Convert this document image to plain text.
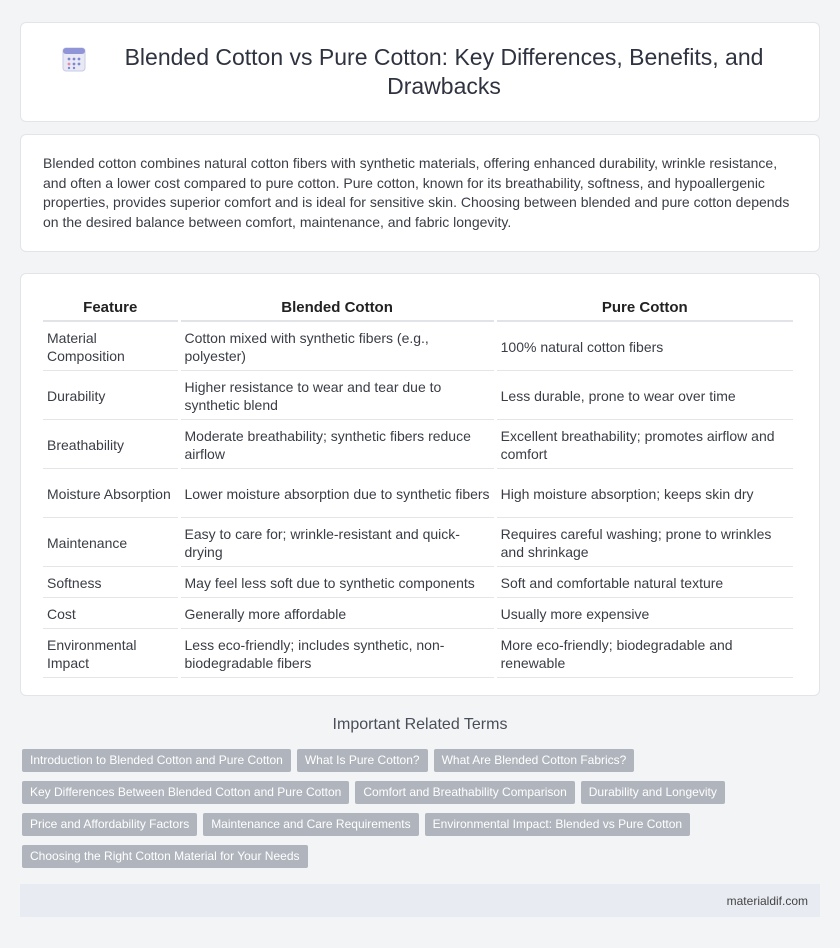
Blended Cotton vs Pure Cotton: Key Differences, Benefits, and Drawbacks

Blended cotton combines natural cotton fibers with synthetic materials, offering enhanced durability, wrinkle resistance, and often a lower cost compared to pure cotton. Pure cotton, known for its breathability, softness, and hypoallergenic properties, provides superior comfort and is ideal for sensitive skin. Choosing between blended and pure cotton depends on the desired balance between comfort, maintenance, and fabric longevity.

Feature	Blended Cotton	Pure Cotton
Material Composition	Cotton mixed with synthetic fibers (e.g., polyester)	100% natural cotton fibers
Durability	Higher resistance to wear and tear due to synthetic blend	Less durable, prone to wear over time
Breathability	Moderate breathability; synthetic fibers reduce airflow	Excellent breathability; promotes airflow and comfort
Moisture Absorption	Lower moisture absorption due to synthetic fibers	High moisture absorption; keeps skin dry
Maintenance	Easy to care for; wrinkle-resistant and quick-drying	Requires careful washing; prone to wrinkles and shrinkage
Softness	May feel less soft due to synthetic components	Soft and comfortable natural texture
Cost	Generally more affordable	Usually more expensive
Environmental Impact	Less eco-friendly; includes synthetic, non-biodegradable fibers	More eco-friendly; biodegradable and renewable
Important Related Terms
Introduction to Blended Cotton and Pure Cotton	What Is Pure Cotton?	What Are Blended Cotton Fabrics?
Key Differences Between Blended Cotton and Pure Cotton	Comfort and Breathability Comparison	Durability and Longevity
Price and Affordability Factors	Maintenance and Care Requirements	Environmental Impact: Blended vs Pure Cotton
Choosing the Right Cotton Material for Your Needs
materialdif.com
